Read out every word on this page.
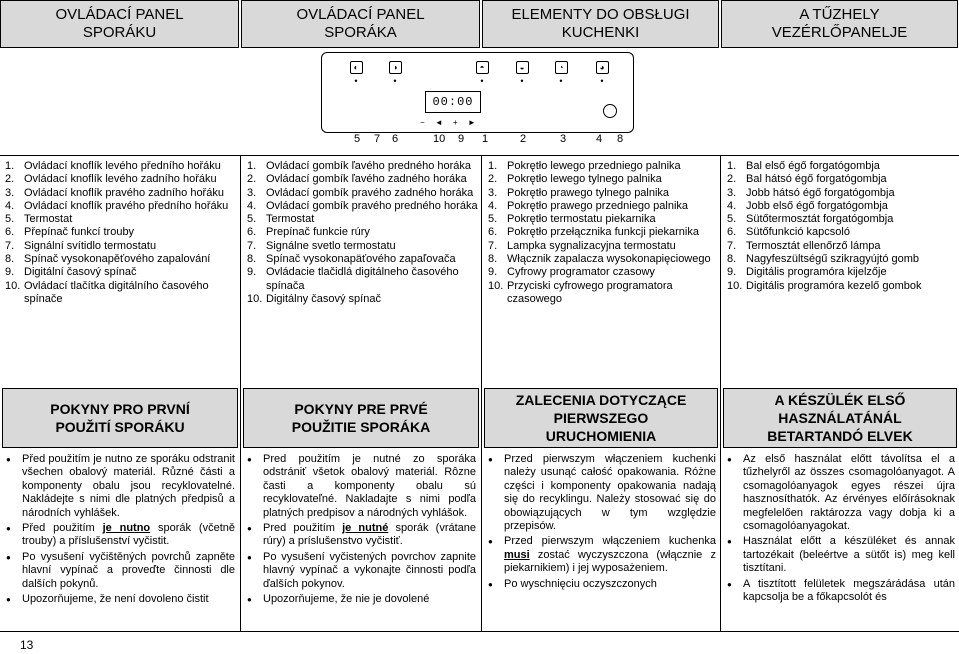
OVLÁDACÍ PANEL
SPORÁKU
OVLÁDACÍ PANEL
SPORÁKA
ELEMENTY DO OBSŁUGI
KUCHENKI
A TŰZHELY
VEZÉRLŐPANELJE
◐
•
◑
•
◓
•
◒
•
◔
•
◕
•
00:00
− ◄ + ►
5 7 6	10 9 1	2	3	4 8
1. Ovládací knoflík levého předního hořáku
2. Ovládací knoflík levého zadního hořáku
3. Ovládací knoflík pravého zadního hořáku
4. Ovládací knoflík pravého předního hořáku
5. Termostat
6. Přepínač funkcí trouby
7. Signální svítidlo termostatu
8. Spínač vysokonapěťového zapalování
9. Digitální časový spínač
10. Ovládací tlačítka digitálního časového spínače
1. Ovládací gombík ľavého predného horáka
2. Ovládací gombík ľavého zadného horáka
3. Ovládací gombík pravého zadného horáka
4. Ovládací gombík pravého predného horáka
5. Termostat
6. Prepínač funkcie rúry
7. Signálne svetlo termostatu
8. Spínač vysokonapäťového zapaľovača
9. Ovládacie tlačidlá digitálneho časového spínača
10. Digitálny časový spínač
1. Pokrętło lewego przedniego palnika
2. Pokrętło lewego tylnego palnika
3. Pokrętło prawego tylnego palnika
4. Pokrętło prawego przedniego palnika
5. Pokrętło termostatu piekarnika
6. Pokrętło przełącznika funkcji piekarnika
7. Lampka sygnalizacyjna termostatu
8. Włącznik zapalacza wysokonapięciowego
9. Cyfrowy programator czasowy
10. Przyciski cyfrowego programatora czasowego
1. Bal első égő forgatógombja
2. Bal hátsó égő forgatógombja
3. Jobb hátsó égő forgatógombja
4. Jobb első égő forgatógombja
5. Sütőtermosztát forgatógombja
6. Sütőfunkció kapcsoló
7. Termosztát ellenőrző lámpa
8. Nagyfeszültségű szikragyújtó gomb
9. Digitális programóra kijelzője
10. Digitális programóra kezelő gombok
POKYNY PRO PRVNÍ
POUŽITÍ SPORÁKU
POKYNY PRE PRVÉ
POUŽITIE SPORÁKA
ZALECENIA DOTYCZĄCE
PIERWSZEGO
URUCHOMIENIA
A KÉSZÜLÉK ELSŐ
HASZNÁLATÁNÁL
BETARTANDÓ ELVEK
● Před použitím je nutno ze sporáku odstranit všechen obalový materiál. Různé části a komponenty obalu jsou recyklovatelné. Nakládejte s nimi dle platných předpisů a národních vyhlášek.
● Před použitím je nutno sporák (včetně trouby) a příslušenství vyčistit.
● Po vysušení vyčištěných povrchů zapněte hlavní vypínač a proveďte činnosti dle dalších pokynů.
● Upozorňujeme, že není dovoleno čistit
● Pred použitím je nutné zo sporáka odstrániť všetok obalový materiál. Rôzne časti a komponenty obalu sú recyklovateľné. Nakladajte s nimi podľa platných predpisov a národných vyhlášok.
● Pred použitím je nutné sporák (vrátane rúry) a príslušenstvo vyčistiť.
● Po vysušení vyčistených povrchov zapnite hlavný vypínač a vykonajte činnosti podľa ďalších pokynov.
● Upozorňujeme, že nie je dovolené
● Przed pierwszym włączeniem kuchenki należy usunąć całość opakowania. Różne części i komponenty opakowania nadają się do recyklingu. Należy stosować się do obowiązujących w tym względzie przepisów.
● Przed pierwszym włączeniem kuchenka musi zostać wyczyszczona (włącznie z piekarnikiem) i jej wyposażeniem.
● Po wyschnięciu oczyszczonych
● Az első használat előtt távolítsa el a tűzhelyről az összes csomagolóanyagot. A csomagolóanyagok egyes részei újra hasznosíthatók. Az érvényes előírásoknak megfelelően raktározza vagy dobja ki a csomagolóanyagokat.
● Használat előtt a készüléket és annak tartozékait (beleértve a sütőt is) meg kell tisztítani.
● A tisztított felületek megszárádása után kapcsolja be a főkapcsolót és
13
